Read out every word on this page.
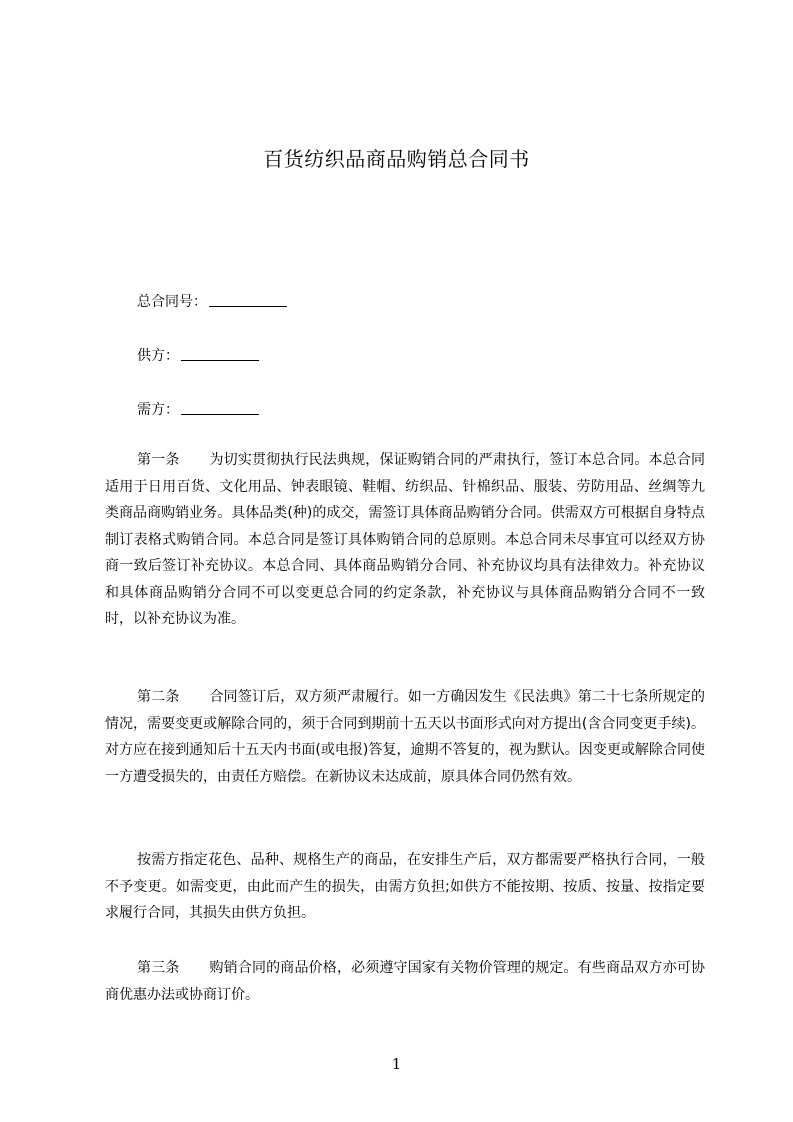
百货纺织品商品购销总合同书
总合同号：
供方：
需方：
第一条 为切实贯彻执行民法典规，保证购销合同的严肃执行，签订本总合同。本总合同适用于日用百货、文化用品、钟表眼镜、鞋帽、纺织品、针棉织品、服装、劳防用品、丝绸等九类商品商购销业务。具体品类(种)的成交，需签订具体商品购销分合同。供需双方可根据自身特点制订表格式购销合同。本总合同是签订具体购销合同的总原则。本总合同未尽事宜可以经双方协商一致后签订补充协议。本总合同、具体商品购销分合同、补充协议均具有法律效力。补充协议和具体商品购销分合同不可以变更总合同的约定条款，补充协议与具体商品购销分合同不一致时，以补充协议为准。
第二条 合同签订后，双方须严肃履行。如一方确因发生《民法典》第二十七条所规定的情况，需要变更或解除合同的，须于合同到期前十五天以书面形式向对方提出(含合同变更手续)。对方应在接到通知后十五天内书面(或电报)答复，逾期不答复的，视为默认。因变更或解除合同使一方遭受损失的，由责任方赔偿。在新协议未达成前，原具体合同仍然有效。
按需方指定花色、品种、规格生产的商品，在安排生产后，双方都需要严格执行合同，一般不予变更。如需变更，由此而产生的损失，由需方负担;如供方不能按期、按质、按量、按指定要求履行合同，其损失由供方负担。
第三条 购销合同的商品价格，必须遵守国家有关物价管理的规定。有些商品双方亦可协商优惠办法或协商订价。
1
